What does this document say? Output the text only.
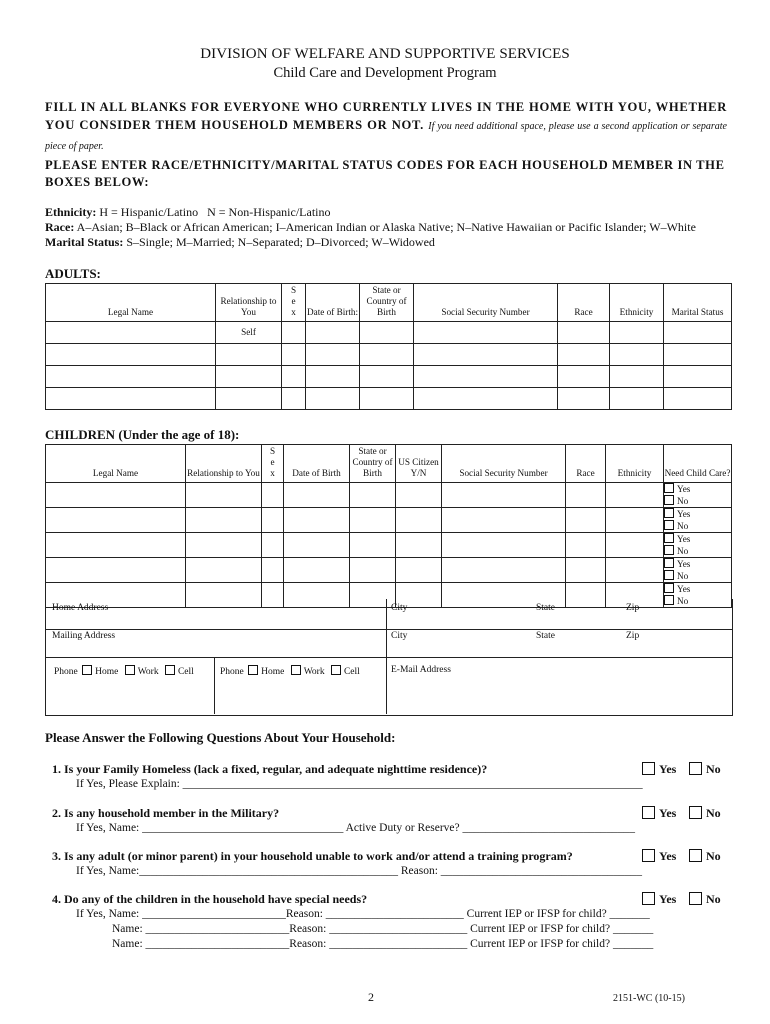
DIVISION OF WELFARE AND SUPPORTIVE SERVICES
Child Care and Development Program
FILL IN ALL BLANKS FOR EVERYONE WHO CURRENTLY LIVES IN THE HOME WITH YOU, WHETHER YOU CONSIDER THEM HOUSEHOLD MEMBERS OR NOT. If you need additional space, please use a second application or separate piece of paper.
PLEASE ENTER RACE/ETHNICITY/MARITAL STATUS CODES FOR EACH HOUSEHOLD MEMBER IN THE BOXES BELOW:
Ethnicity: H = Hispanic/Latino   N = Non-Hispanic/Latino
Race: A–Asian; B–Black or African American; I–American Indian or Alaska Native; N–Native Hawaiian or Pacific Islander; W–White
Marital Status: S–Single; M–Married; N–Separated; D–Divorced; W–Widowed
ADULTS:
Legal Name	Relationship to You	S e x	Date of Birth:	State or Country of Birth	Social Security Number	Race	Ethnicity	Marital Status
	Self							

CHILDREN (Under the age of 18):
Legal Name	Relationship to You	S e x	Date of Birth	State or Country of Birth	US Citizen Y/N	Social Security Number	Race	Ethnicity	Need Child Care?

									Yes
No

									Yes
No

									Yes
No

									Yes
No

									Yes
No
Home Address	City	State	Zip
Mailing Address	City	State	Zip
Phone Home Work Cell	Phone Home Work Cell	E-Mail Address
Please Answer the Following Questions About Your Household:
1. Is your Family Homeless (lack a fixed, regular, and adequate nighttime residence)?
If Yes, Please Explain: ________________________________________________________________________________
Yes	No
2. Is any household member in the Military?
If Yes, Name: ___________________________________ Active Duty or Reserve? ______________________________
Yes	No
3. Is any adult (or minor parent) in your household unable to work and/or attend a training program?
If Yes, Name:_____________________________________________ Reason: ___________________________________
Yes	No
4. Do any of the children in the household have special needs?
If Yes, Name: _________________________Reason: ________________________ Current IEP or IFSP for child? _______
Name: _________________________Reason: ________________________ Current IEP or IFSP for child? _______
Name: _________________________Reason: ________________________ Current IEP or IFSP for child? _______
Yes	No
2	2151-WC (10-15)
